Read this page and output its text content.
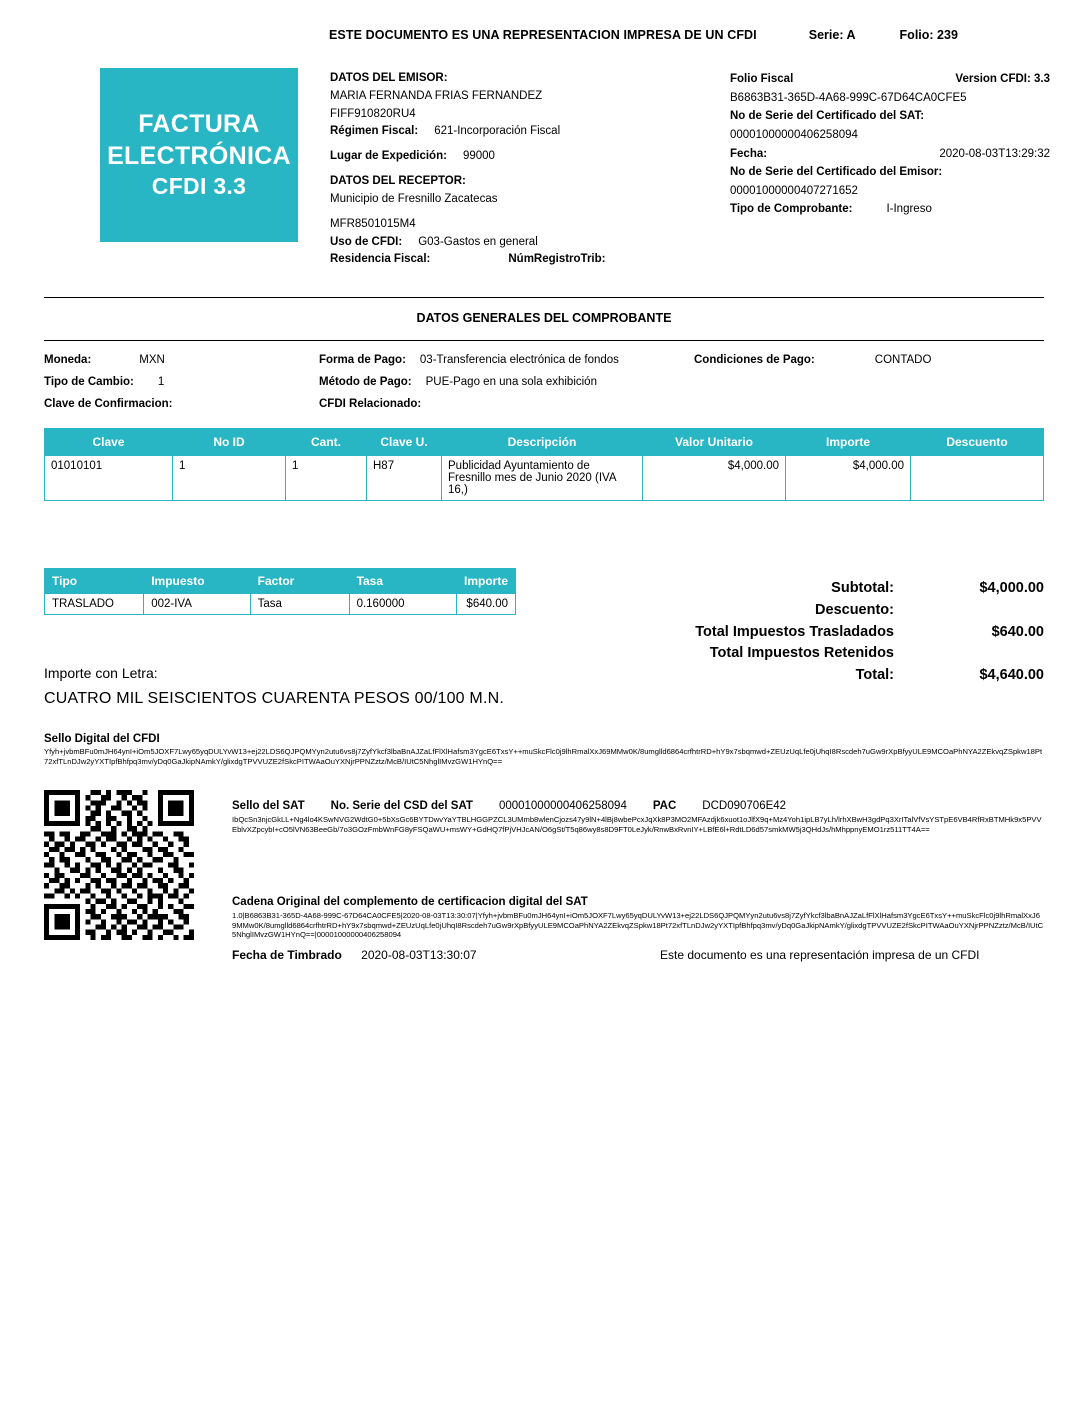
ESTE DOCUMENTO ES UNA REPRESENTACION IMPRESA DE UN CFDI	Serie: A	Folio: 239
FACTURA
ELECTRÓNICA
CFDI 3.3
DATOS DEL EMISOR:
MARIA FERNANDA FRIAS FERNANDEZ
FIFF910820RU4
Régimen Fiscal: 621-Incorporación Fiscal
Lugar de Expedición: 99000
DATOS DEL RECEPTOR:
Municipio de Fresnillo Zacatecas
MFR8501015M4
Uso de CFDI: G03-Gastos en general
Residencia Fiscal:	NúmRegistroTrib:
Folio Fiscal	Version CFDI: 3.3
B6863B31-365D-4A68-999C-67D64CA0CFE5
No de Serie del Certificado del SAT:
00001000000406258094
Fecha:	2020-08-03T13:29:32
No de Serie del Certificado del Emisor:
00001000000407271652
Tipo de Comprobante:	I-Ingreso
DATOS GENERALES DEL COMPROBANTE
Moneda:	MXN	Forma de Pago: 03-Transferencia electrónica de fondos	Condiciones de Pago:	CONTADO
Tipo de Cambio: 1	Método de Pago: PUE-Pago en una sola exhibición
Clave de Confirmacion:	CFDI Relacionado:
Clave	No ID	Cant.	Clave U.	Descripción	Valor Unitario	Importe	Descuento
01010101	1	1	H87	Publicidad Ayuntamiento de Fresnillo mes de Junio 2020 (IVA 16,)	$4,000.00	$4,000.00	
Tipo	Impuesto	Factor	Tasa	Importe
TRASLADO	002-IVA	Tasa	0.160000	$640.00
Subtotal:	$4,000.00
Descuento:
Total Impuestos Trasladados	$640.00
Total Impuestos Retenidos
Total:	$4,640.00
Importe con Letra:
CUATRO MIL SEISCIENTOS CUARENTA PESOS 00/100 M.N.
Sello Digital del CFDI
Yfyh+jvbmBFu0mJH64ynI+iOm5JOXF7Lwy65yqDULYvW13+ej22LDS6QJPQMYyn2utu6vs8j7ZyfYkcf3lbaBnAJZaLfFlXlHafsm3YgcE6TxsY++muSkcFlc0j9lhRmalXxJ69MMw0K/8umglld6864crfhtrRD+hY9x7sbqmwd+ZEUzUqLfe0jUhqI8Rscdeh7uGw9rXpBfyyULE9MCOaPhNYA2ZEkvqZSpkw18Pt72xfTLnDJw2yYXTIpfBhfpq3mv/yDq0GaJkipNAmkY/glixdgTPVVUZE2fSkcPITWAaOuYXNjrPPNZztz/McB/IUtC5NhglIMvzGW1HYnQ==
Sello del SAT No. Serie del CSD del SAT 00001000000406258094 PAC DCD090706E42
IbQcSn3njcGkLL+Ng4lo4KSwNVG2WdtG0+5bXsGc6BYTDwvYaYTBLHGGPZCL3UMmb8wlenCjozs47y9lN+4lBj8wbePcxJqXk8P3MO2MFAzdjk6xuot1oJlfX9q+Mz4Yoh1ipLB7yLh/lrhXBwH3gdPq3XrITalVfVsYSTpE6VB4RfRxBTMHk9x5PVVEblvXZpcybI+cO5lVN63BeeGb/7o3GOzFmbWnFG8yFSQaWU+msWY+GdHQ7fPjVHJcAN/O6gSt/T5q86wy8s8D9FT0LeJyk/RnwBxRvnIY+LBfE6l+RdtLD6d57smkMW5j3QHdJs/hMhppnyEMO1rz511TT4A==
Cadena Original del complemento de certificacion digital del SAT
1.0|B6863B31-365D-4A68-999C-67D64CA0CFE5|2020-08-03T13:30:07|Yfyh+jvbmBFu0mJH64ynI+iOm5JOXF7Lwy65yqDULYvW13+ej22LDS6QJPQMYyn2utu6vs8j7ZyfYkcf3lbaBnAJZaLfFlXlHafsm3YgcE6TxsY++muSkcFlc0j9lhRmalXxJ69MMw0K/8umglld6864crfhtrRD+hY9x7sbqmwd+ZEUzUqLfe0jUhqI8Rscdeh7uGw9rXpBfyyULE9MCOaPhNYA2ZEkvqZSpkw18Pt72xfTLnDJw2yYXTIpfBhfpq3mv/yDq0GaJkipNAmkY/glixdgTPVVUZE2fSkcPITWAaOuYXNjrPPNZztz/McB/IUtC5NhglIMvzGW1HYnQ==|00001000000406258094
Fecha de Timbrado 2020-08-03T13:30:07	Este documento es una representación impresa de un CFDI
